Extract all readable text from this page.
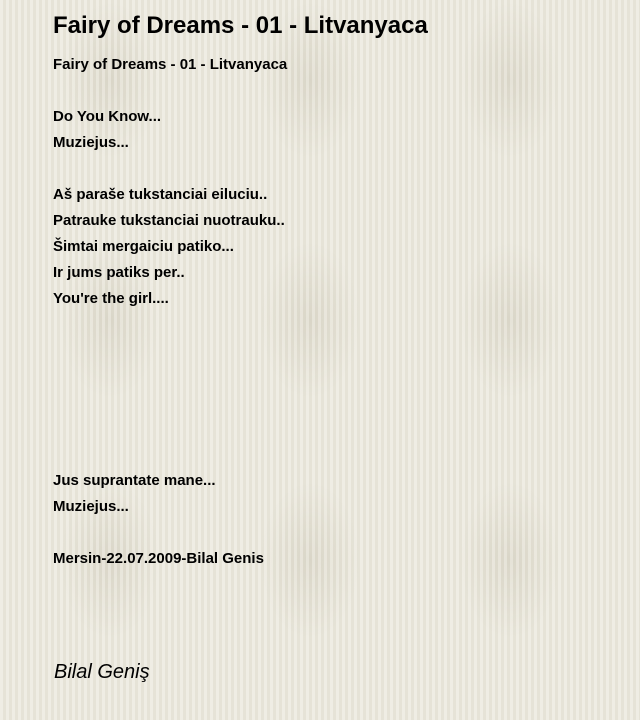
Fairy of Dreams - 01 - Litvanyaca
Fairy of Dreams - 01 - Litvanyaca
Do You Know...
Muziejus...
Aš paraše tukstanciai eiluciu..
Patrauke tukstanciai nuotrauku..
Šimtai mergaiciu patiko...
Ir jums patiks per..
You're the girl....
Jus suprantate mane...
Muziejus...
Mersin-22.07.2009-Bilal Genis
Bilal Geniş
